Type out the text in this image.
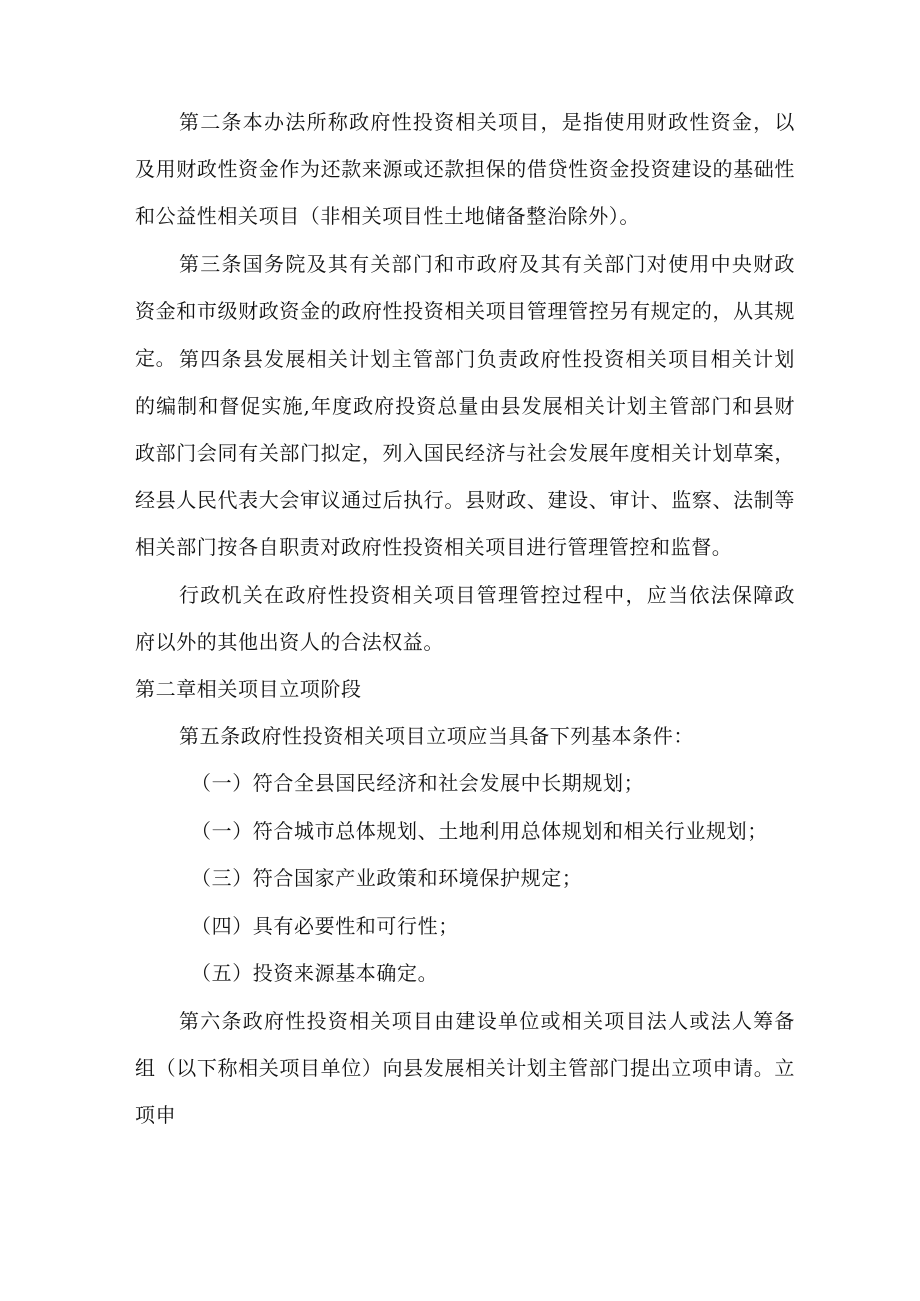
第二条本办法所称政府性投资相关项目，是指使用财政性资金，以及用财政性资金作为还款来源或还款担保的借贷性资金投资建设的基础性和公益性相关项目（非相关项目性土地储备整治除外）。

第三条国务院及其有关部门和市政府及其有关部门对使用中央财政资金和市级财政资金的政府性投资相关项目管理管控另有规定的，从其规定。 第四条县发展相关计划主管部门负责政府性投资相关项目相关计划的编制和督促实施,年度政府投资总量由县发展相关计划主管部门和县财政部门会同有关部门拟定，列入国民经济与社会发展年度相关计划草案，经县人民代表大会审议通过后执行。县财政、建设、审计、监察、法制等相关部门按各自职责对政府性投资相关项目进行管理管控和监督。

行政机关在政府性投资相关项目管理管控过程中，应当依法保障政府以外的其他出资人的合法权益。

第二章相关项目立项阶段

第五条政府性投资相关项目立项应当具备下列基本条件：

（一）符合全县国民经济和社会发展中长期规划；

（一）符合城市总体规划、土地利用总体规划和相关行业规划；

（三）符合国家产业政策和环境保护规定；

（四）具有必要性和可行性；

（五）投资来源基本确定。

第六条政府性投资相关项目由建设单位或相关项目法人或法人筹备组（以下称相关项目单位）向县发展相关计划主管部门提出立项申请。立项申
